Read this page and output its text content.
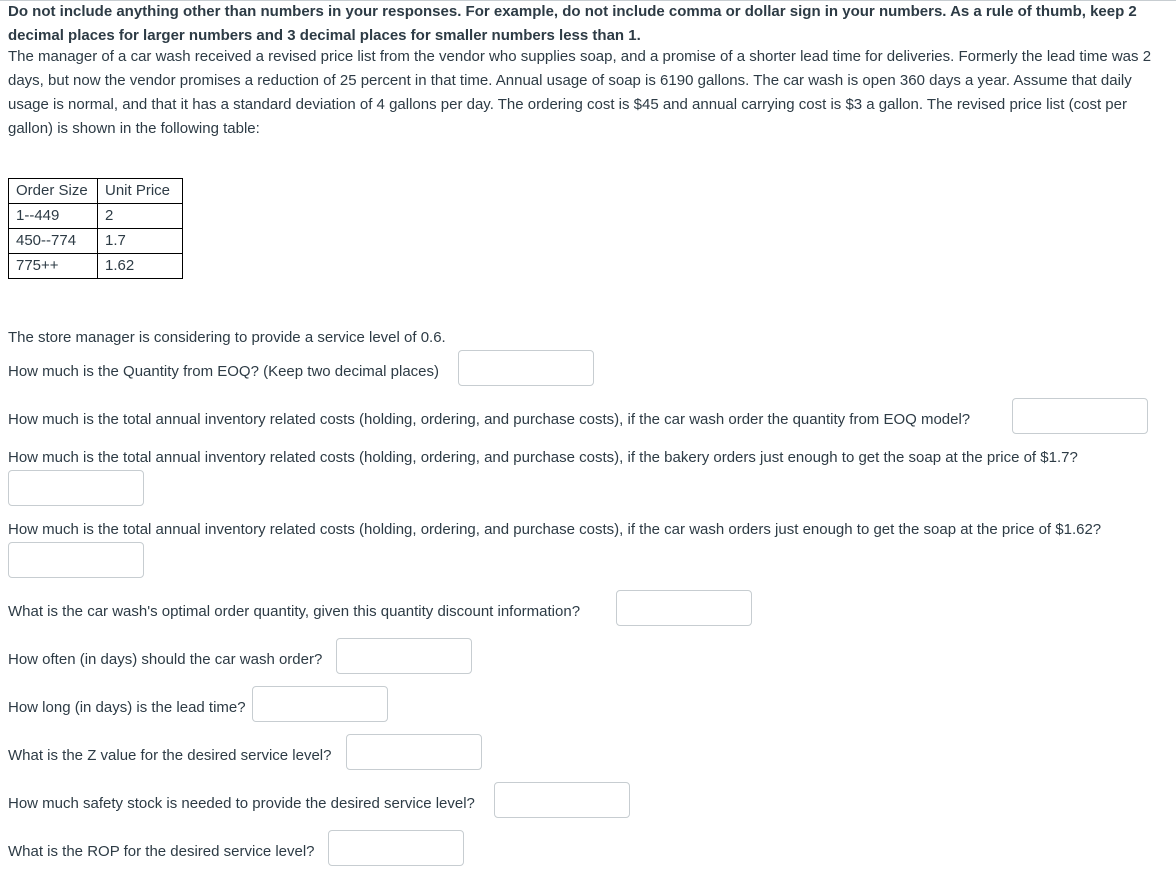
Do not include anything other than numbers in your responses. For example, do not include comma or dollar sign in your numbers. As a rule of thumb, keep 2 decimal places for larger numbers and 3 decimal places for smaller numbers less than 1.

The manager of a car wash received a revised price list from the vendor who supplies soap, and a promise of a shorter lead time for deliveries. Formerly the lead time was 2 days, but now the vendor promises a reduction of 25 percent in that time. Annual usage of soap is 6190 gallons. The car wash is open 360 days a year. Assume that daily usage is normal, and that it has a standard deviation of 4 gallons per day. The ordering cost is $45 and annual carrying cost is $3 a gallon. The revised price list (cost per gallon) is shown in the following table:

Order Size	Unit Price
1--449	2
450--774	1.7
775++	1.62
The store manager is considering to provide a service level of 0.6.
How much is the Quantity from EOQ? (Keep two decimal places)
How much is the total annual inventory related costs (holding, ordering, and purchase costs), if the car wash order the quantity from EOQ model?
How much is the total annual inventory related costs (holding, ordering, and purchase costs), if the bakery orders just enough to get the soap at the price of $1.7?
How much is the total annual inventory related costs (holding, ordering, and purchase costs), if the car wash orders just enough to get the soap at the price of $1.62?
What is the car wash's optimal order quantity, given this quantity discount information?
How often (in days) should the car wash order?
How long (in days) is the lead time?
What is the Z value for the desired service level?
How much safety stock is needed to provide the desired service level?
What is the ROP for the desired service level?
